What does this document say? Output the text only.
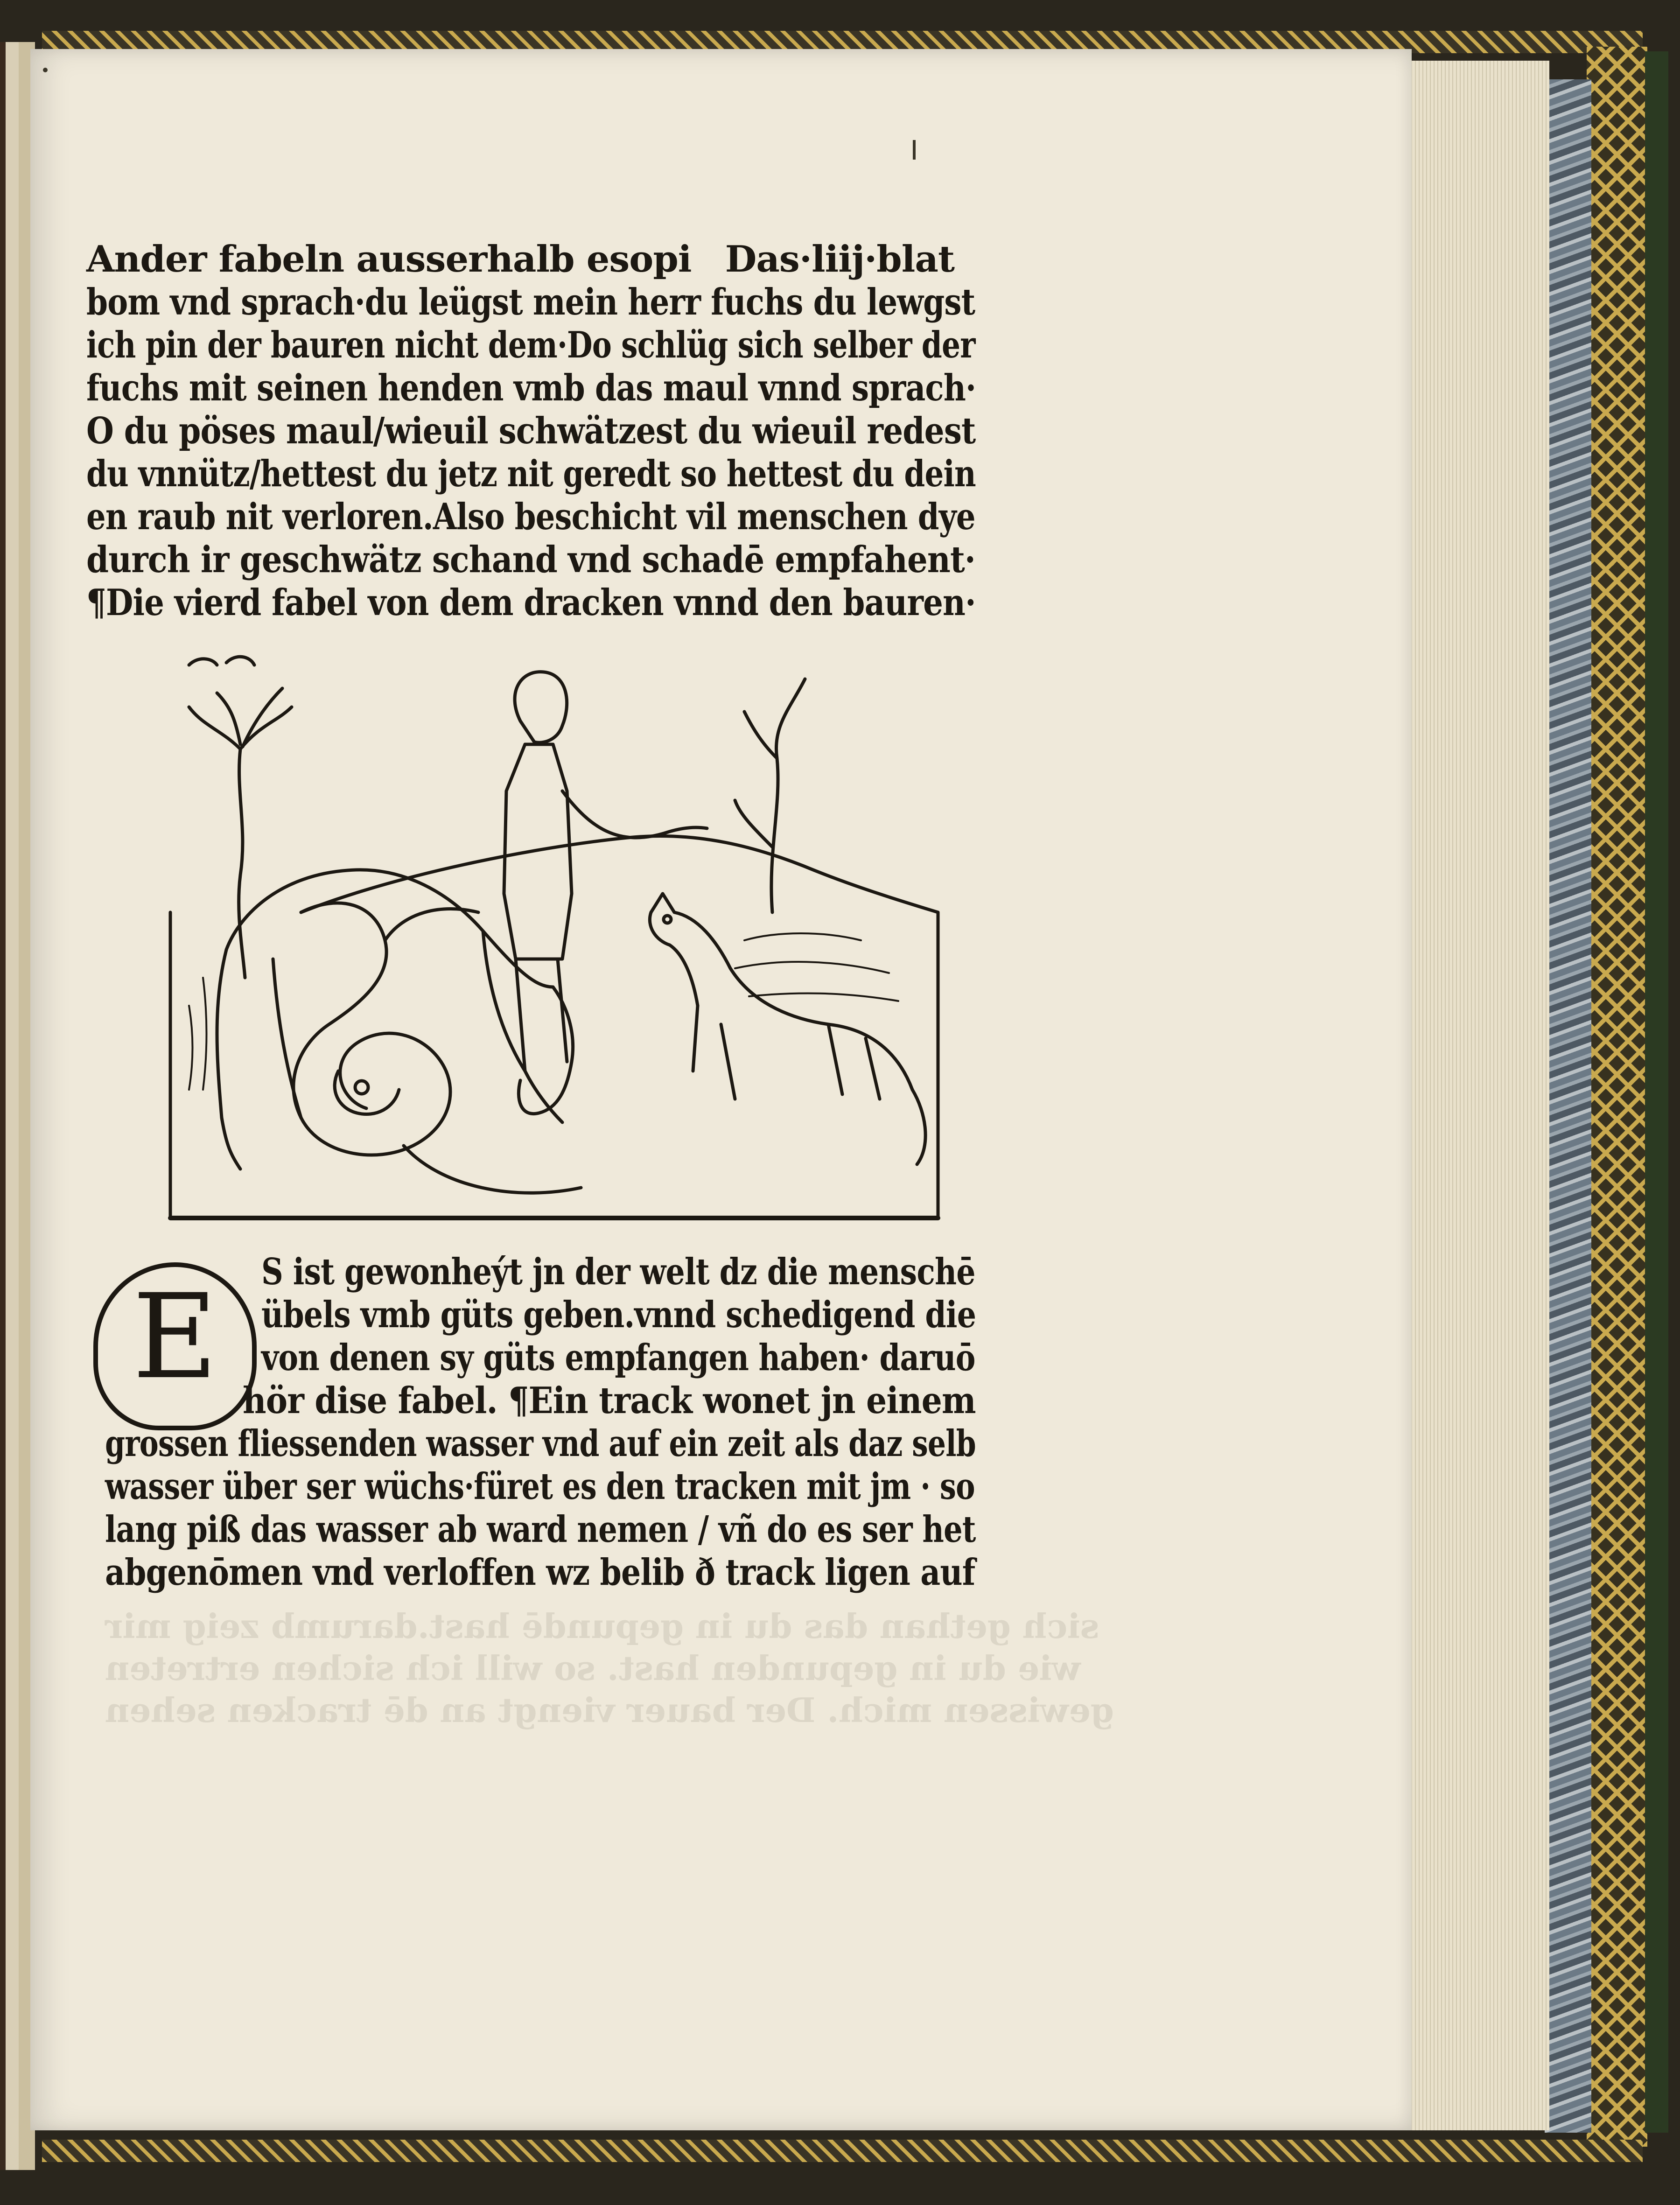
Ander fabeln ausserhalb esopi Das·liij·blat
bom vnd sprach·du leügst mein herr fuchs du lewgst
ich pin der bauren nicht dem·Do schlüg sich selber der
fuchs mit seinen henden vmb das maul vnnd sprach·
O du pöses maul/wieuil schwätzest du wieuil redest
du vnnütz/hettest du jetz nit geredt so hettest du dein
en raub nit verloren.Also beschicht vil menschen dye
durch ir geschwätz schand vnd schadē empfahent·
¶Die vierd fabel von dem dracken vnnd den bauren·
E	S ist gewonheýt jn der welt dz die menschē
übels vmb güts geben.vnnd schedigend die
von denen sy güts empfangen haben· daruō
hör dise fabel. ¶Ein track wonet jn einem
grossen fliessenden wasser vnd auf ein zeit als daz selb
wasser über ser wüchs·füret es den tracken mit jm · so
lang piß das wasser ab ward nemen / vñ do es ser het
abgenōmen vnd verloffen wz belib ð track ligen auf
sich gethan das du in gepundē hast.darumb zeig mir
wie du in gepunden hast. so will ich sichen ertreten
gewissen mich. Der bauer viengt an dē tracken sehen
